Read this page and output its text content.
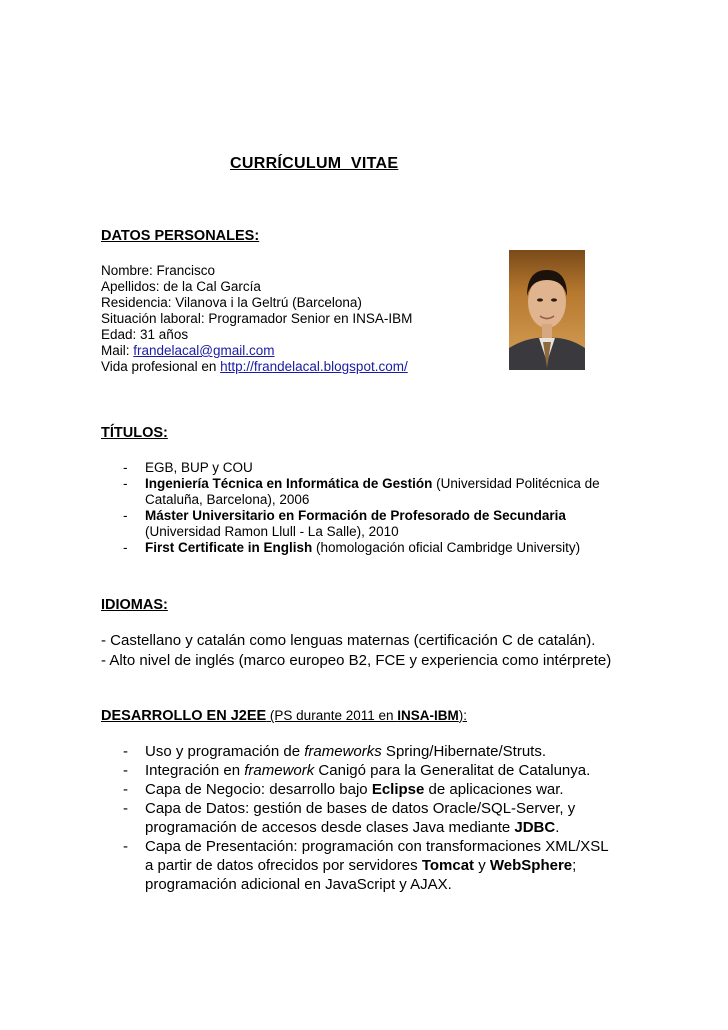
CURRÍCULUM  VITAE
DATOS PERSONALES:
Nombre: Francisco
Apellidos: de la Cal García
Residencia: Vilanova i la Geltrú (Barcelona)
Situación laboral: Programador Senior en INSA-IBM
Edad: 31 años
Mail: frandelacal@gmail.com
Vida profesional en http://frandelacal.blogspot.com/
TÍTULOS:
- EGB, BUP y COU
- Ingeniería Técnica en Informática de Gestión (Universidad Politécnica de
Cataluña, Barcelona), 2006
- Máster Universitario en Formación de Profesorado de Secundaria
(Universidad Ramon Llull - La Salle), 2010
- First Certificate in English (homologación oficial Cambridge University)
IDIOMAS:
- Castellano y catalán como lenguas maternas (certificación C de catalán).
- Alto nivel de inglés (marco europeo B2, FCE y experiencia como intérprete)
DESARROLLO EN J2EE (PS durante 2011 en INSA-IBM):
- Uso y programación de frameworks Spring/Hibernate/Struts.
- Integración en framework Canigó para la Generalitat de Catalunya.
- Capa de Negocio: desarrollo bajo Eclipse de aplicaciones war.
- Capa de Datos: gestión de bases de datos Oracle/SQL-Server, y
programación de accesos desde clases Java mediante JDBC.
- Capa de Presentación: programación con transformaciones XML/XSL
a partir de datos ofrecidos por servidores Tomcat y WebSphere;
programación adicional en JavaScript y AJAX.
